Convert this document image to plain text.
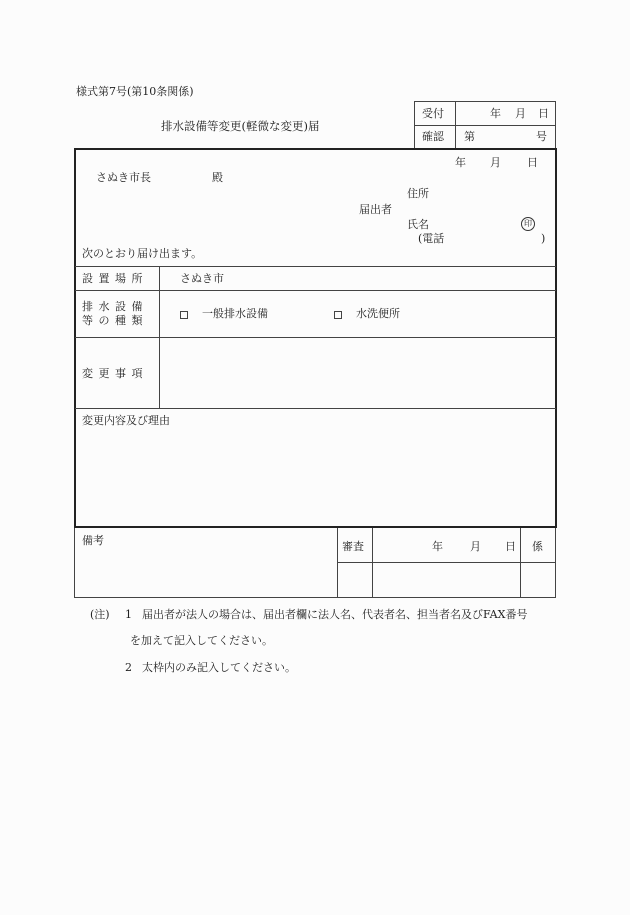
様式第7号(第10条関係)
排水設備等変更(軽微な変更)届
受付	年 月 日
確認 第	号
年 月 日
さぬき市長	殿
住所
届出者
氏名	印
(電話	)
次のとおり届け出ます。
設 置 場 所	さぬき市
排 水 設 備
等 の 種 類
一般排水設備	水洗便所
変 更 事 項
変更内容及び理由
備考	審査	年 月 日 係
(注) 1 届出者が法人の場合は、届出者欄に法人名、代表者名、担当者名及びFAX番号
を加えて記入してください。
2 太枠内のみ記入してください。
